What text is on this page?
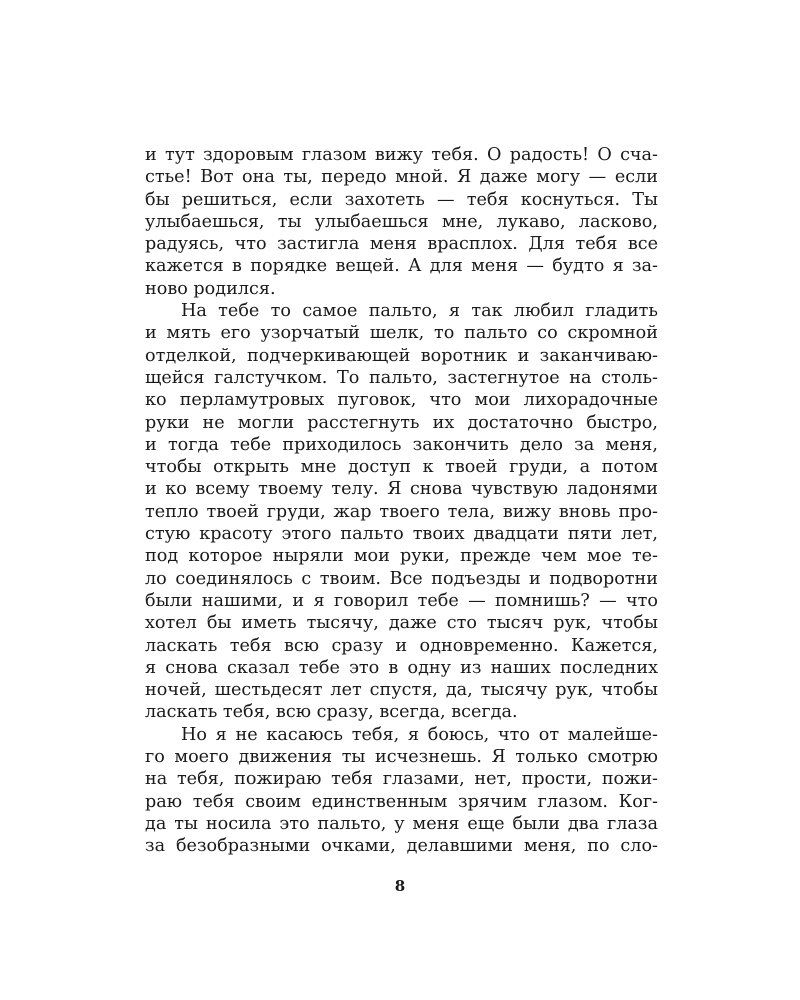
и тут здоровым глазом вижу тебя. О радость! О сча-
стье! Вот она ты, передо мной. Я даже могу — если
бы решиться, если захотеть — тебя коснуться. Ты
улыбаешься, ты улыбаешься мне, лукаво, ласково,
радуясь, что застигла меня врасплох. Для тебя все
кажется в порядке вещей. А для меня — будто я за-
ново родился.
На тебе то самое пальто, я так любил гладить
и мять его узорчатый шелк, то пальто со скромной
отделкой, подчеркивающей воротник и заканчиваю-
щейся галстучком. То пальто, застегнутое на столь-
ко перламутровых пуговок, что мои лихорадочные
руки не могли расстегнуть их достаточно быстро,
и тогда тебе приходилось закончить дело за меня,
чтобы открыть мне доступ к твоей груди, а потом
и ко всему твоему телу. Я снова чувствую ладонями
тепло твоей груди, жар твоего тела, вижу вновь про-
стую красоту этого пальто твоих двадцати пяти лет,
под которое ныряли мои руки, прежде чем мое те-
ло соединялось с твоим. Все подъезды и подворотни
были нашими, и я говорил тебе — помнишь? — что
хотел бы иметь тысячу, даже сто тысяч рук, чтобы
ласкать тебя всю сразу и одновременно. Кажется,
я снова сказал тебе это в одну из наших последних
ночей, шестьдесят лет спустя, да, тысячу рук, чтобы
ласкать тебя, всю сразу, всегда, всегда.
Но я не касаюсь тебя, я боюсь, что от малейше-
го моего движения ты исчезнешь. Я только смотрю
на тебя, пожираю тебя глазами, нет, прости, пожи-
раю тебя своим единственным зрячим глазом. Ког-
да ты носила это пальто, у меня еще были два глаза
за безобразными очками, делавшими меня, по сло-
8
